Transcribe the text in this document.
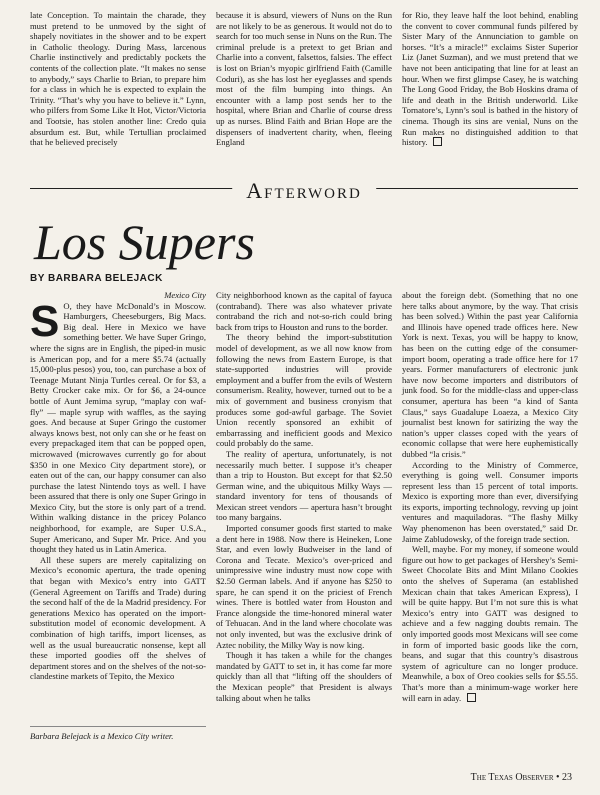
late Conception. To maintain the charade, they must pretend to be unmoved by the sight of shapely novitiates in the shower and to be expert in Catholic theology. During Mass, larcenous Charlie instinctively and predictably pockets the contents of the collection plate. “It makes no sense to anybody,” says Charlie to Brian, to prepare him for a class in which he is expected to explain the Trinity. “That’s why you have to believe it.” Lynn, who pilfers from Some Like It Hot, Victor/Victoria and Tootsie, has stolen another line: Credo quia absurdum est. But, while Tertullian proclaimed that he believed precisely

because it is absurd, viewers of Nuns on the Run are not likely to be as generous. It would not do to search for too much sense in Nuns on the Run. The criminal prelude is a pretext to get Brian and Charlie into a convent, falsettos, falsies. The effect is lost on Brian’s myopic girlfriend Faith (Camille Coduri), as she has lost her eyeglasses and spends most of the film bumping into things. An encounter with a lamp post sends her to the hospital, where Brian and Charlie of course dress up as nurses. Blind Faith and Brian Hope are the dispensers of inadvertent charity, when, fleeing England

for Rio, they leave half the loot behind, enabling the convent to cover communal funds pilfered by Sister Mary of the Annunciation to gamble on horses. “It’s a miracle!” exclaims Sister Superior Liz (Janet Suzman), and we must pretend that we have not been anticipating that line for at least an hour. When we first glimpse Casey, he is watching The Long Good Friday, the Bob Hoskins drama of life and death in the British underworld. Like Tornatore’s, Lynn’s soul is bathed in the history of cinema. Though its sins are venial, Nuns on the Run makes no distinguished addition to that history.

Afterword
Los Supers
BY BARBARA BELEJACK
Mexico City

S O, they have McDonald’s in Moscow. Hamburgers, Cheeseburgers, Big Macs. Big deal. Here in Mexico we have something better. We have Super Gringo, where the signs are in English, the piped-in music is American pop, and for a mere $5.74 (actually 15,000-plus pesos) you, too, can purchase a box of Teenage Mutant Ninja Turtles cereal. Or for $3, a Betty Crocker cake mix. Or for $6, a 24-ounce bottle of Aunt Jemima syrup, “maplay con waf-fly” — maple syrup with waffles, as the saying goes. And because at Super Gringo the customer always knows best, not only can she or he feast on every prepackaged item that can be popped open, microwaved (microwaves currently go for about $350 in one Mexico City department store), or eaten out of the can, our happy consumer can also purchase the latest Nintendo toys as well. I have been assured that there is only one Super Gringo in Mexico City, but the store is only part of a trend. Within walking distance in the pricey Polanco neighborhood, for example, are Super U.S.A., Super Americano, and Super Mr. Price. And you thought they hated us in Latin America.

All these supers are merely capitalizing on Mexico’s economic apertura, the trade opening that began with Mexico’s entry into GATT (General Agreement on Tariffs and Trade) during the second half of the de la Madrid presidency. For generations Mexico has operated on the import-substitution model of economic development. A combination of high tariffs, import licenses, as well as the usual bureaucratic nonsense, kept all these imported goodies off the shelves of department stores and on the shelves of the not-so-clandestine markets of Tepito, the Mexico

City neighborhood known as the capital of fayuca (contraband). There was also whatever private contraband the rich and not-so-rich could bring back from trips to Houston and runs to the border.

The theory behind the import-substitution model of development, as we all now know from following the news from Eastern Europe, is that state-supported industries will provide employment and a buffer from the evils of Western consumerism. Reality, however, turned out to be a mix of government and business cronyism that produces some god-awful garbage. The Soviet Union recently sponsored an exhibit of embarrassing and inefficient goods and Mexico could probably do the same.

The reality of apertura, unfortunately, is not necessarily much better. I suppose it’s cheaper than a trip to Houston. But except for that $2.50 German wine, and the ubiquitous Milky Ways — standard inventory for tens of thousands of Mexican street vendors — apertura hasn’t brought too many bargains.

Imported consumer goods first started to make a dent here in 1988. Now there is Heineken, Lone Star, and even lowly Budweiser in the land of Corona and Tecate. Mexico’s over-priced and unimpressive wine industry must now cope with $2.50 German labels. And if anyone has $250 to spare, he can spend it on the priciest of French wines. There is bottled water from Houston and France alongside the time-honored mineral water of Tehuacan. And in the land where chocolate was not only invented, but was the exclusive drink of Aztec nobility, the Milky Way is now king.

Though it has taken a while for the changes mandated by GATT to set in, it has come far more quickly than all that “lifting off the shoulders of the Mexican people” that President is always talking about when he talks

about the foreign debt. (Something that no one here talks about anymore, by the way. That crisis has been solved.) Within the past year California and Illinois have opened trade offices here. New York is next. Texas, you will be happy to know, has been on the cutting edge of the consumer-import boom, operating a trade office here for 17 years. Former manufacturers of electronic junk have now become importers and distributors of junk food. So for the middle-class and upper-class consumer, apertura has been “a kind of Santa Claus,” says Guadalupe Loaeza, a Mexico City journalist best known for satirizing the way the nation’s upper classes coped with the years of economic collapse that were here euphemistically dubbed “la crisis.”

According to the Ministry of Commerce, everything is going well. Consumer imports represent less than 15 percent of total imports. Mexico is exporting more than ever, diversifying its exports, importing technology, revving up joint ventures and maquiladoras. “The flashy Milky Way phenomenon has been overstated,” said Dr. Jaime Zabludowsky, of the foreign trade section.

Well, maybe. For my money, if someone would figure out how to get packages of Hershey’s Semi-Sweet Chocolate Bits and Mint Milano Cookies onto the shelves of Superama (an established Mexican chain that takes American Express), I will be quite happy. But I’m not sure this is what Mexico’s entry into GATT was designed to achieve and a few nagging doubts remain. The only imported goods most Mexicans will see come in form of imported basic goods like the corn, beans, and sugar that this country’s disastrous system of agriculture can no longer produce. Meanwhile, a box of Oreo cookies sells for $5.55. That’s more than a minimum-wage worker here will earn in aday.

Barbara Belejack is a Mexico City writer.
The Texas Observer • 23
